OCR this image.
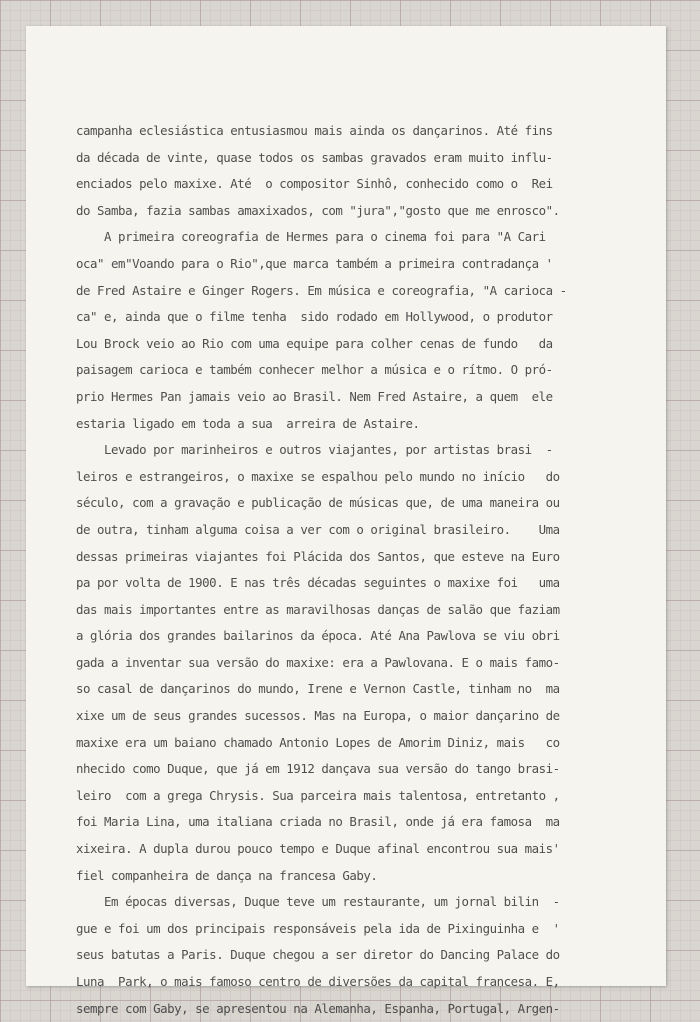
campanha eclesiástica entusiasmou mais ainda os dançarinos. Até fins
da década de vinte, quase todos os sambas gravados eram muito influ-
enciados pelo maxixe. Até  o compositor Sinhô, conhecido como o  Rei
do Samba, fazia sambas amaxixados, com "jura","gosto que me enrosco".
A primeira coreografia de Hermes para o cinema foi para "A Cari
oca" em"Voando para o Rio",que marca também a primeira contradança '
de Fred Astaire e Ginger Rogers. Em música e coreografia, "A carioca -
ca" e, ainda que o filme tenha  sido rodado em Hollywood, o produtor
Lou Brock veio ao Rio com uma equipe para colher cenas de fundo   da
paisagem carioca e também conhecer melhor a música e o rítmo. O pró-
prio Hermes Pan jamais veio ao Brasil. Nem Fred Astaire, a quem  ele
estaria ligado em toda a sua  arreira de Astaire.
Levado por marinheiros e outros viajantes, por artistas brasi  -
leiros e estrangeiros, o maxixe se espalhou pelo mundo no início   do
século, com a gravação e publicação de músicas que, de uma maneira ou
de outra, tinham alguma coisa a ver com o original brasileiro.    Uma
dessas primeiras viajantes foi Plácida dos Santos, que esteve na Euro
pa por volta de 1900. E nas três décadas seguintes o maxixe foi   uma
das mais importantes entre as maravilhosas danças de salão que faziam
a glória dos grandes bailarinos da época. Até Ana Pawlova se viu obri
gada a inventar sua versão do maxixe: era a Pawlovana. E o mais famo-
so casal de dançarinos do mundo, Irene e Vernon Castle, tinham no  ma
xixe um de seus grandes sucessos. Mas na Europa, o maior dançarino de
maxixe era um baiano chamado Antonio Lopes de Amorim Diniz, mais   co
nhecido como Duque, que já em 1912 dançava sua versão do tango brasi-
leiro  com a grega Chrysis. Sua parceira mais talentosa, entretanto ,
foi Maria Lina, uma italiana criada no Brasil, onde já era famosa  ma
xixeira. A dupla durou pouco tempo e Duque afinal encontrou sua mais'
fiel companheira de dança na francesa Gaby.
Em épocas diversas, Duque teve um restaurante, um jornal bilin  -
gue e foi um dos principais responsáveis pela ida de Pixinguinha e  '
seus batutas a Paris. Duque chegou a ser diretor do Dancing Palace do
Luna  Park, o mais famoso centro de diversões da capital francesa. E,
sempre com Gaby, se apresentou na Alemanha, Espanha, Portugal, Argen-
